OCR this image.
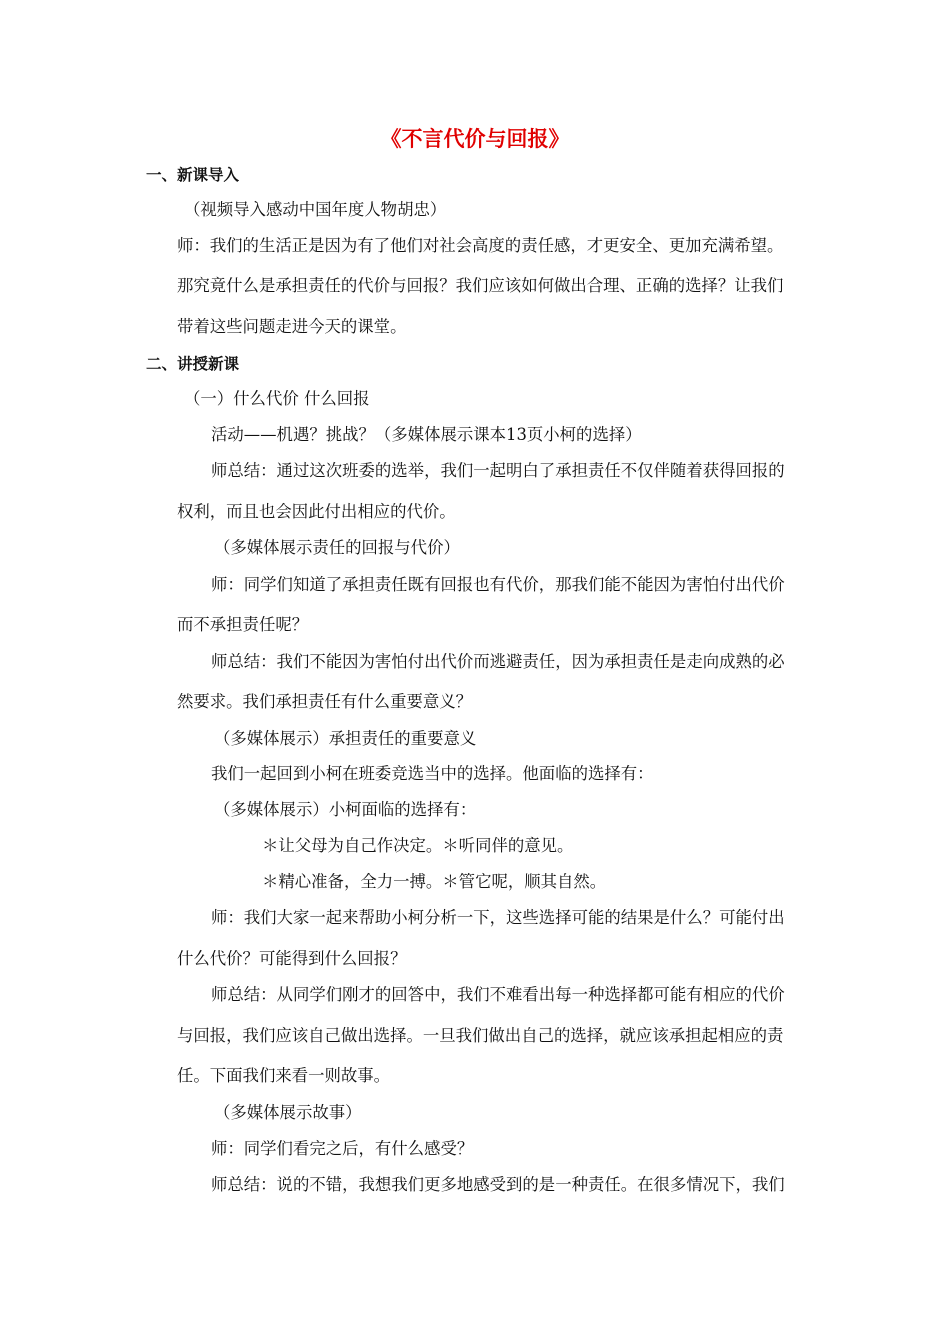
《不言代价与回报》
一、新课导入
（视频导入感动中国年度人物胡忠）
师：我们的生活正是因为有了他们对社会高度的责任感，才更安全、更加充满希望。
那究竟什么是承担责任的代价与回报？我们应该如何做出合理、正确的选择？让我们
带着这些问题走进今天的课堂。
二、讲授新课
（一）什么代价 什么回报
活动——机遇？挑战？（多媒体展示课本13页小柯的选择）
师总结：通过这次班委的选举，我们一起明白了承担责任不仅伴随着获得回报的
权利，而且也会因此付出相应的代价。
（多媒体展示责任的回报与代价）
师：同学们知道了承担责任既有回报也有代价，那我们能不能因为害怕付出代价
而不承担责任呢？
师总结：我们不能因为害怕付出代价而逃避责任，因为承担责任是走向成熟的必
然要求。我们承担责任有什么重要意义？
（多媒体展示）承担责任的重要意义
我们一起回到小柯在班委竞选当中的选择。他面临的选择有：
（多媒体展示）小柯面临的选择有：
＊让父母为自己作决定。＊听同伴的意见。
＊精心准备，全力一搏。＊管它呢，顺其自然。
师：我们大家一起来帮助小柯分析一下，这些选择可能的结果是什么？可能付出
什么代价？可能得到什么回报？
师总结：从同学们刚才的回答中，我们不难看出每一种选择都可能有相应的代价
与回报，我们应该自己做出选择。一旦我们做出自己的选择，就应该承担起相应的责
任。下面我们来看一则故事。
（多媒体展示故事）
师：同学们看完之后，有什么感受？
师总结：说的不错，我想我们更多地感受到的是一种责任。在很多情况下，我们
